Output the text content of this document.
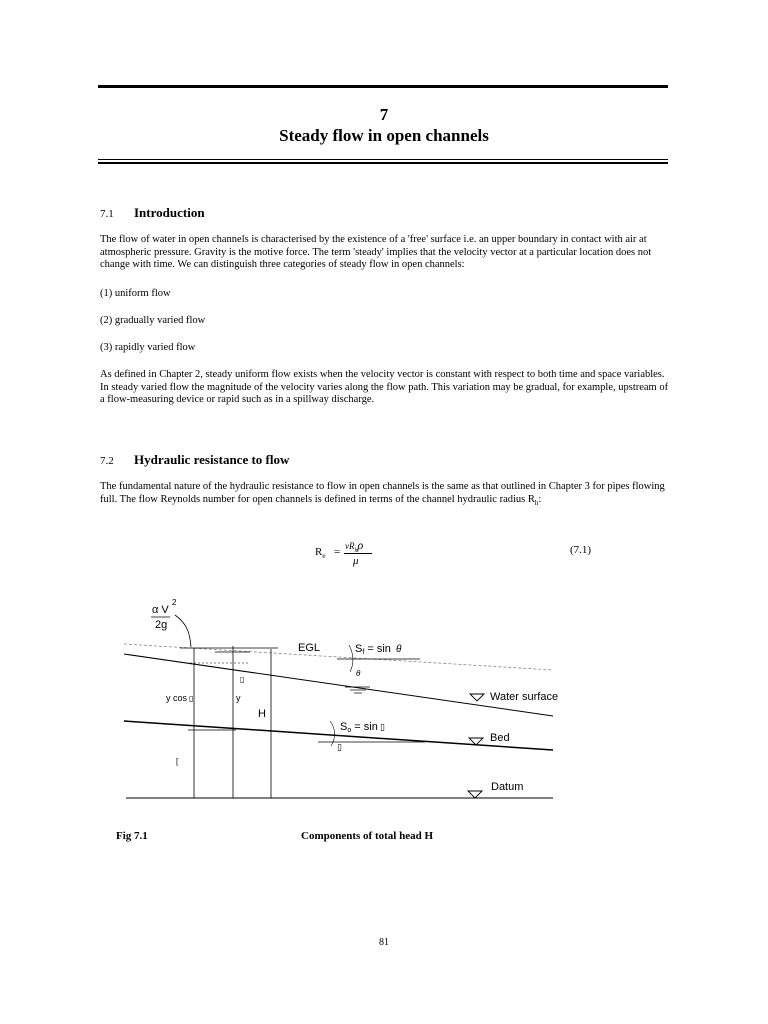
7
Steady flow in open channels
7.1 Introduction
The flow of water in open channels is characterised by the existence of a 'free' surface i.e. an upper boundary in contact with air at atmospheric pressure. Gravity is the motive force. The term 'steady' implies that the velocity vector at a particular location does not change with time. We can distinguish three categories of steady flow in open channels:
(1) uniform flow
(2) gradually varied flow
(3) rapidly varied flow
As defined in Chapter 2, steady uniform flow exists when the velocity vector is constant with respect to both time and space variables. In steady varied flow the magnitude of the velocity varies along the flow path. This variation may be gradual, for example, upstream of a flow-measuring device or rapid such as in a spillway discharge.
7.2 Hydraulic resistance to flow
The fundamental nature of the hydraulic resistance to flow in open channels is the same as that outlined in Chapter 3 for pipes flowing full. The flow Reynolds number for open channels is defined in terms of the channel hydraulic radius $R_h$:
$R_e = vR_h\rho$
μ
(7.1)
α V
2
2g
EGL	Sf = sin θ
θ
Water surface
So = sin ▯
▯
Bed
Datum
▯
y cos ▯	y
H
[
Fig 7.1	Components of total head H
81
